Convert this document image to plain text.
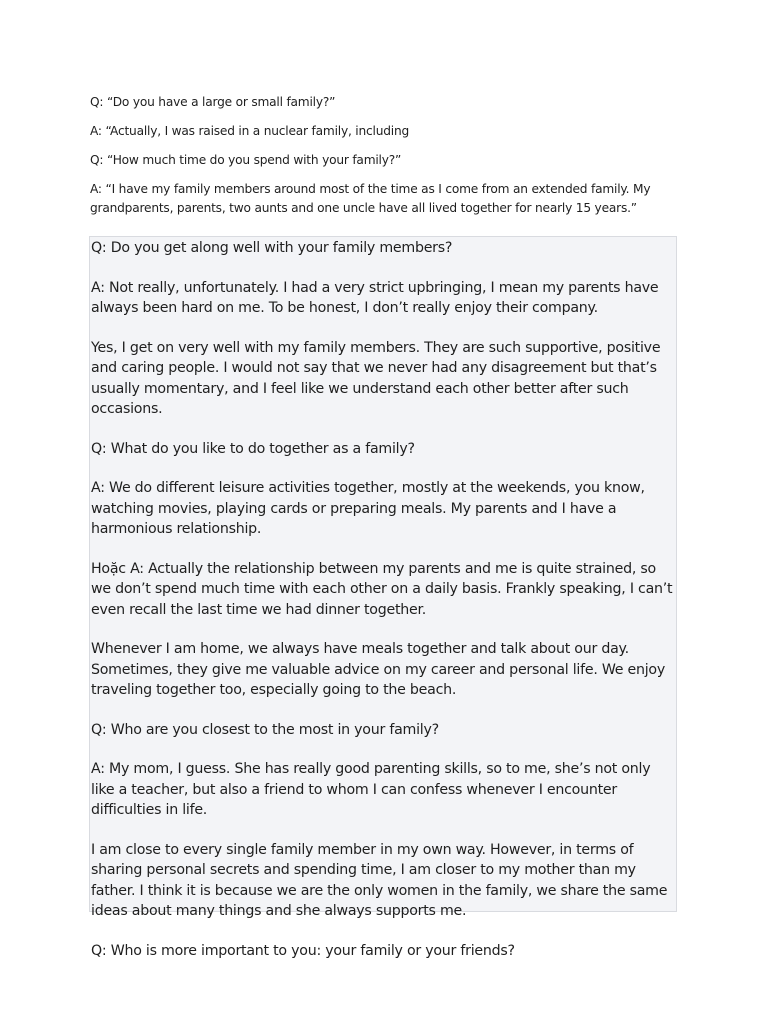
Q: “Do you have a large or small family?”

A: “Actually, I was raised in a nuclear family, including

Q: “How much time do you spend with your family?”

A: “I have my family members around most of the time as I come from an extended family. My grandparents, parents, two aunts and one uncle have all lived together for nearly 15 years.”

Q: Do you get along well with your family members?

A: Not really, unfortunately. I had a very strict upbringing, I mean my parents have always been hard on me. To be honest, I don’t really enjoy their company.

Yes, I get on very well with my family members. They are such supportive, positive and caring people. I would not say that we never had any disagreement but that’s usually momentary, and I feel like we understand each other better after such occasions.

Q: What do you like to do together as a family?

A: We do different leisure activities together, mostly at the weekends, you know, watching movies, playing cards or preparing meals. My parents and I have a harmonious relationship.

Hoặc A: Actually the relationship between my parents and me is quite strained, so we don’t spend much time with each other on a daily basis. Frankly speaking, I can’t even recall the last time we had dinner together.

Whenever I am home, we always have meals together and talk about our day. Sometimes, they give me valuable advice on my career and personal life. We enjoy traveling together too, especially going to the beach.

Q: Who are you closest to the most in your family?

A: My mom, I guess. She has really good parenting skills, so to me, she’s not only like a teacher, but also a friend to whom I can confess whenever I encounter difficulties in life.

I am close to every single family member in my own way. However, in terms of sharing personal secrets and spending time, I am closer to my mother than my father. I think it is because we are the only women in the family, we share the same ideas about many things and she always supports me.

Q: Who is more important to you: your family or your friends?
